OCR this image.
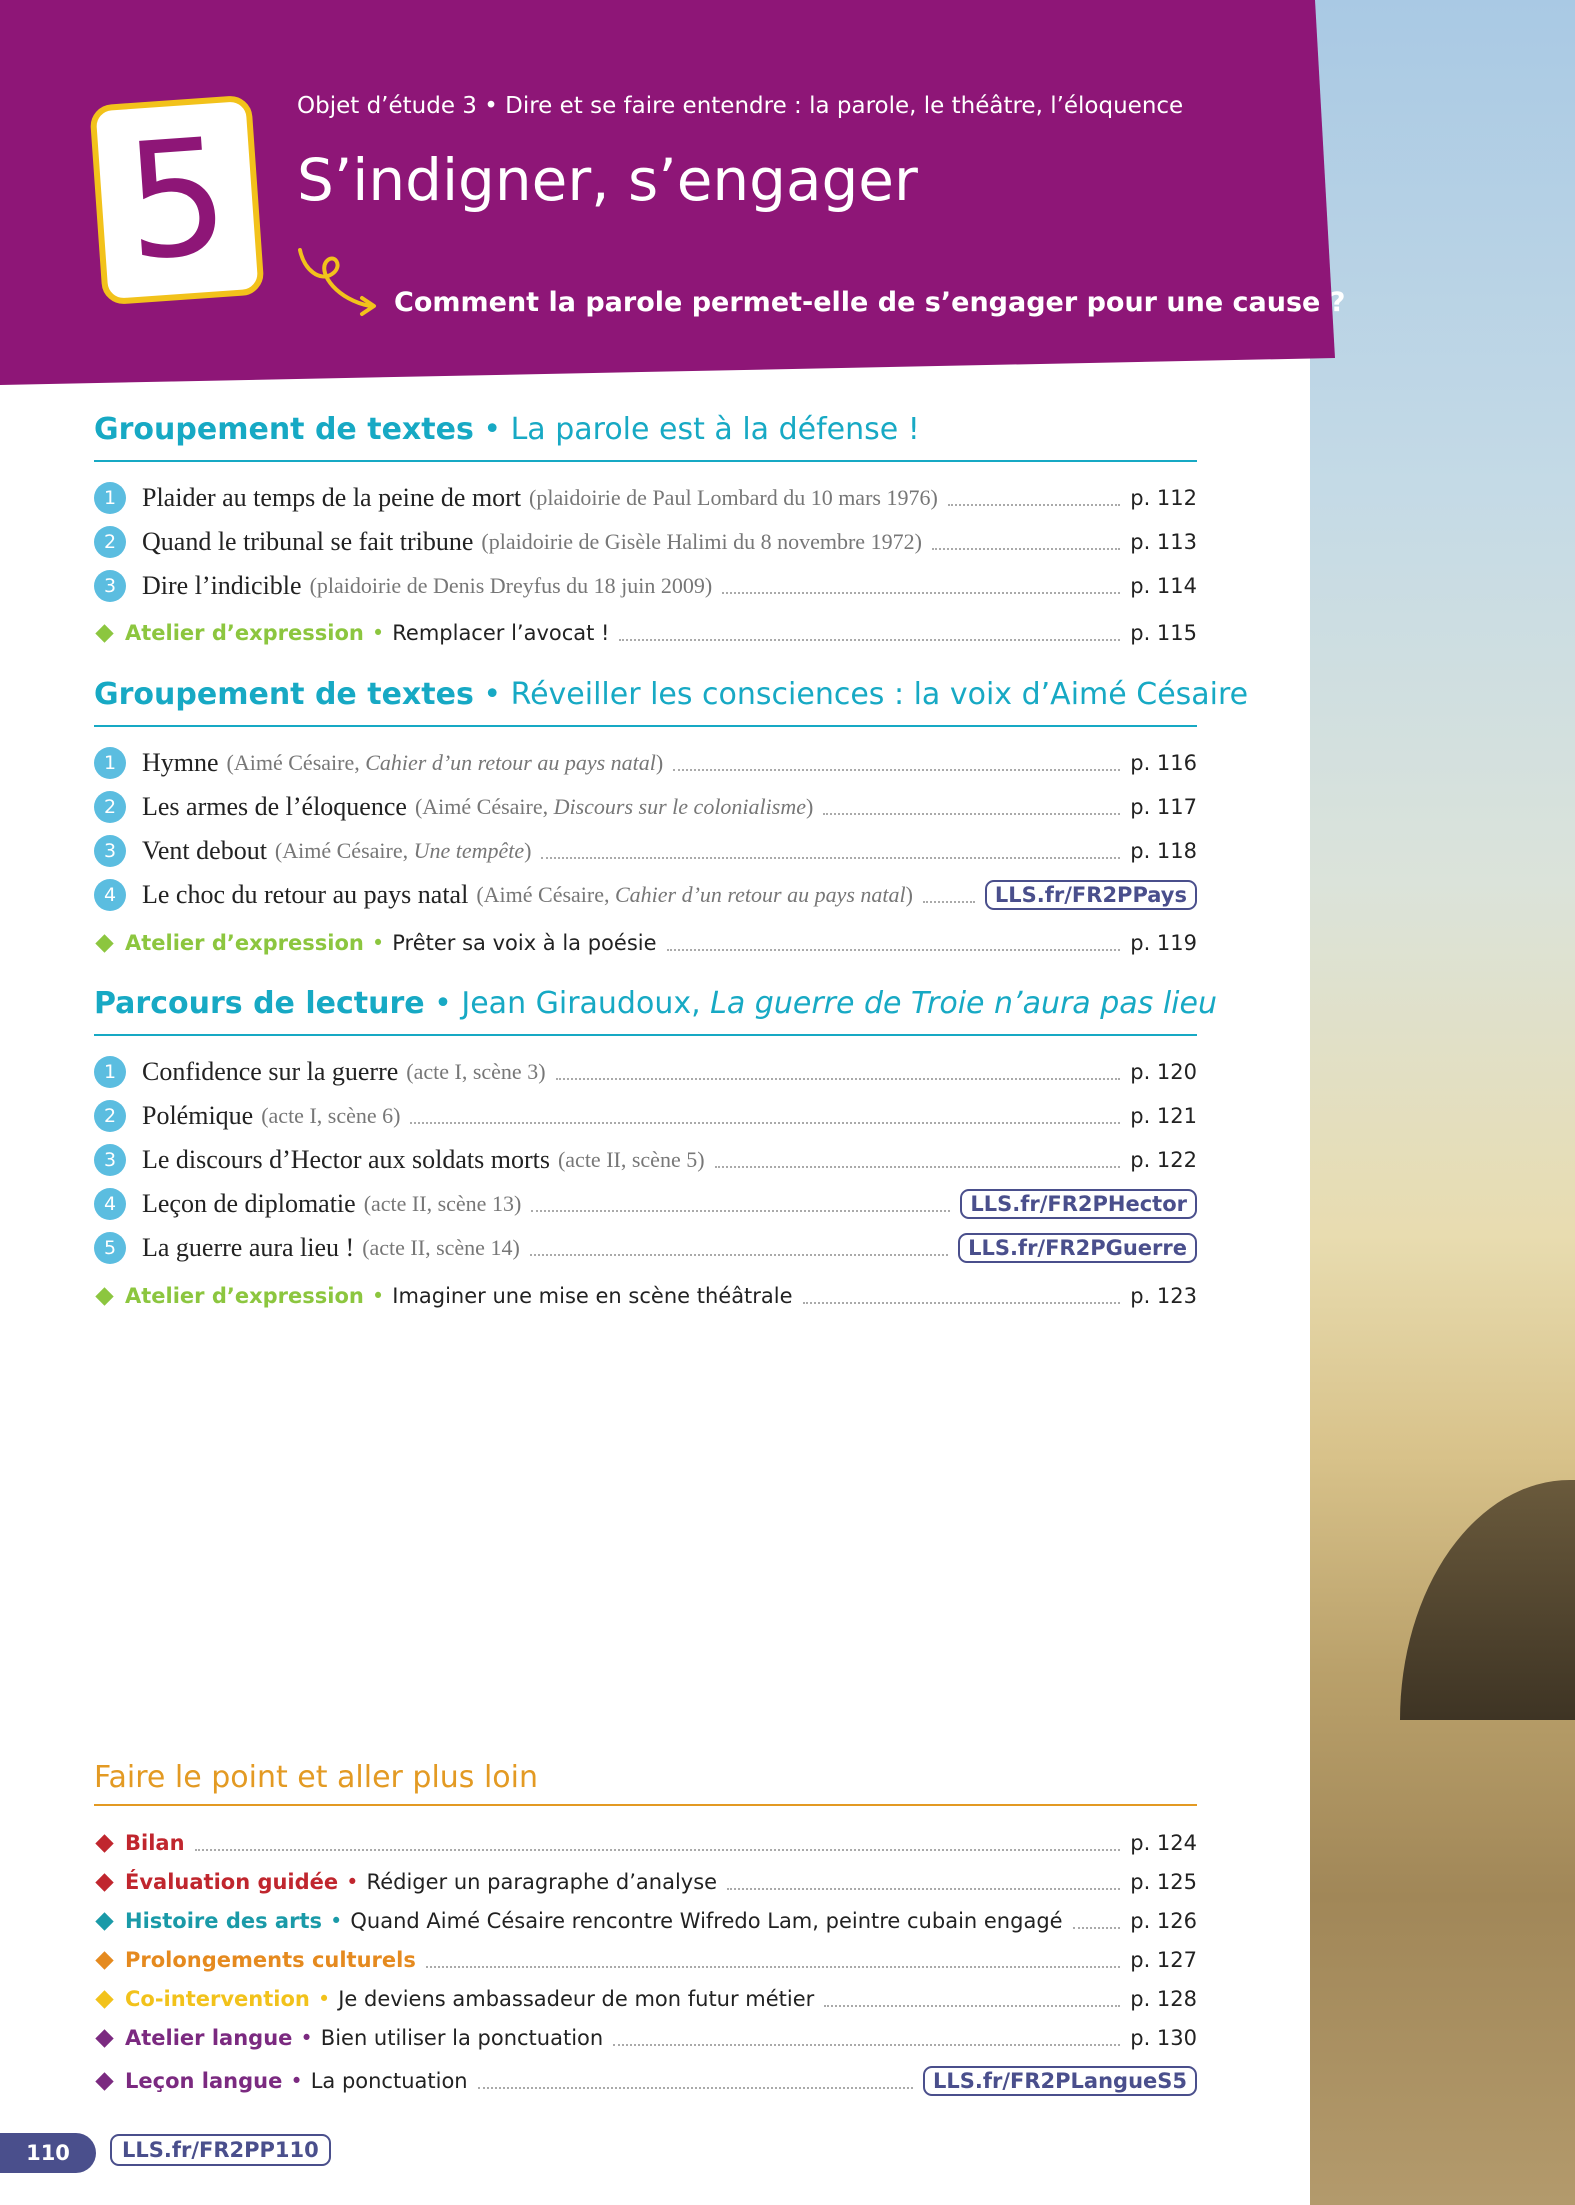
5	Objet d’étude 3 • Dire et se faire entendre : la parole, le théâtre, l’éloquence
S’indigner, s’engager
Comment la parole permet-elle de s’engager pour une cause ?
Groupement de textes • La parole est à la défense !
1 Plaider au temps de la peine de mort (plaidoirie de Paul Lombard du 10 mars 1976)	p. 112
2 Quand le tribunal se fait tribune (plaidoirie de Gisèle Halimi du 8 novembre 1972)	p. 113
3 Dire l’indicible (plaidoirie de Denis Dreyfus du 18 juin 2009)	p. 114
Atelier d’expression • Remplacer l’avocat !	p. 115
Groupement de textes • Réveiller les consciences : la voix d’Aimé Césaire
1 Hymne (Aimé Césaire, Cahier d’un retour au pays natal)	p. 116
2 Les armes de l’éloquence (Aimé Césaire, Discours sur le colonialisme)	p. 117
3 Vent debout (Aimé Césaire, Une tempête)	p. 118
4 Le choc du retour au pays natal (Aimé Césaire, Cahier d’un retour au pays natal)	LLS.fr/FR2PPays
Atelier d’expression • Prêter sa voix à la poésie	p. 119
Parcours de lecture • Jean Giraudoux, La guerre de Troie n’aura pas lieu
1 Confidence sur la guerre (acte I, scène 3)	p. 120
2 Polémique (acte I, scène 6)	p. 121
3 Le discours d’Hector aux soldats morts (acte II, scène 5)	p. 122
4 Leçon de diplomatie (acte II, scène 13)	LLS.fr/FR2PHector
5 La guerre aura lieu ! (acte II, scène 14)	LLS.fr/FR2PGuerre
Atelier d’expression • Imaginer une mise en scène théâtrale	p. 123
Faire le point et aller plus loin
Bilan	p. 124
Évaluation guidée • Rédiger un paragraphe d’analyse	p. 125
Histoire des arts • Quand Aimé Césaire rencontre Wifredo Lam, peintre cubain engagé	p. 126
Prolongements culturels	p. 127
Co-intervention • Je deviens ambassadeur de mon futur métier	p. 128
Atelier langue • Bien utiliser la ponctuation	p. 130
Leçon langue • La ponctuation	LLS.fr/FR2PLangueS5
110	LLS.fr/FR2PP110
